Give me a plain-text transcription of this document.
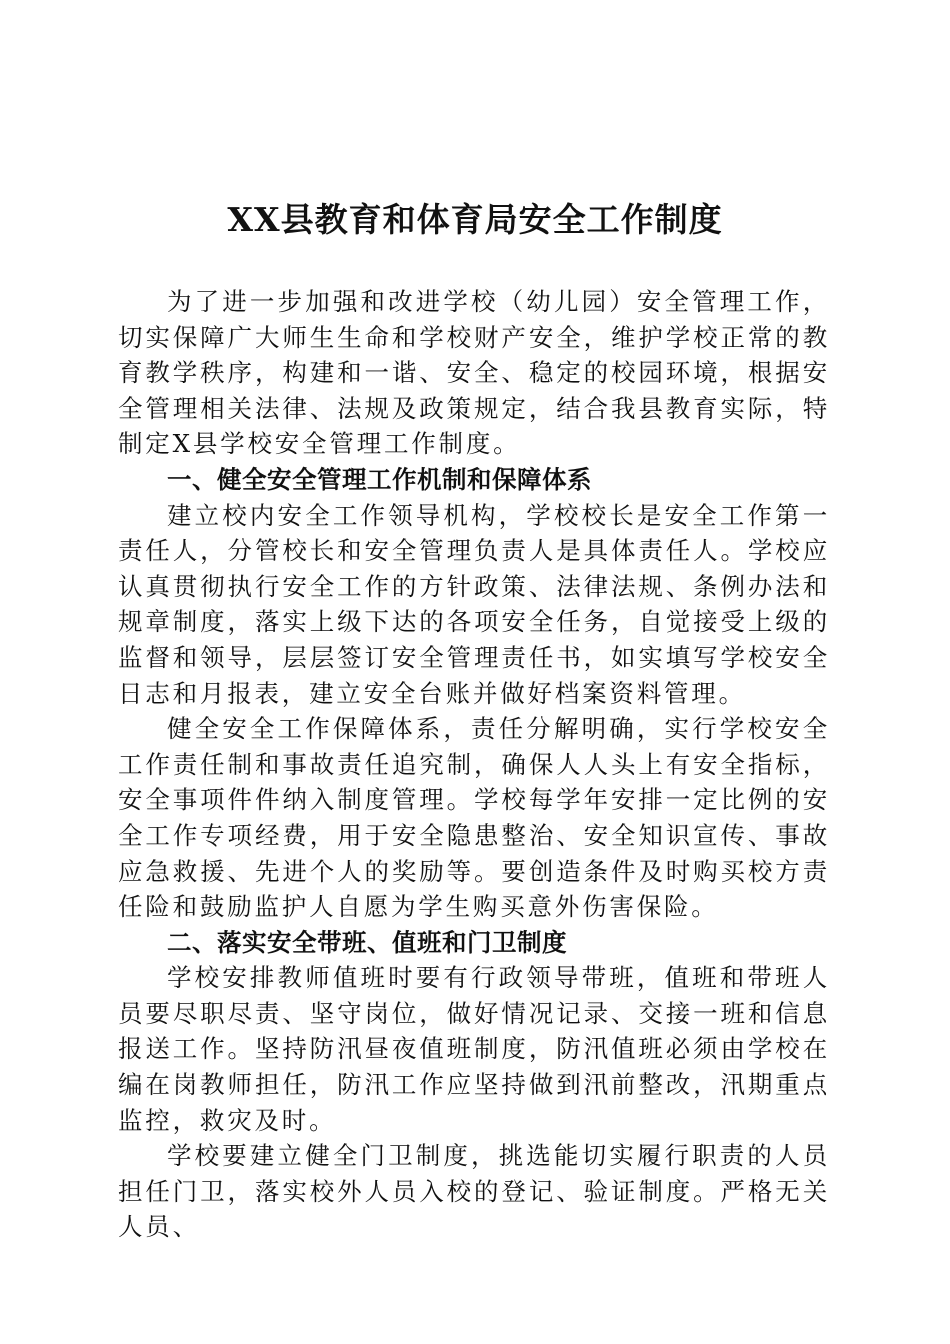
XX县教育和体育局安全工作制度

为了进一步加强和改进学校（幼儿园）安全管理工作，切实保障广大师生生命和学校财产安全，维护学校正常的教育教学秩序，构建和一谐、安全、稳定的校园环境，根据安全管理相关法律、法规及政策规定，结合我县教育实际，特制定X县学校安全管理工作制度。

一、健全安全管理工作机制和保障体系

建立校内安全工作领导机构，学校校长是安全工作第一责任人，分管校长和安全管理负责人是具体责任人。学校应认真贯彻执行安全工作的方针政策、法律法规、条例办法和规章制度，落实上级下达的各项安全任务，自觉接受上级的监督和领导，层层签订安全管理责任书，如实填写学校安全日志和月报表，建立安全台账并做好档案资料管理。

健全安全工作保障体系，责任分解明确，实行学校安全工作责任制和事故责任追究制，确保人人头上有安全指标，安全事项件件纳入制度管理。学校每学年安排一定比例的安全工作专项经费，用于安全隐患整治、安全知识宣传、事故应急救援、先进个人的奖励等。要创造条件及时购买校方责任险和鼓励监护人自愿为学生购买意外伤害保险。

二、落实安全带班、值班和门卫制度

学校安排教师值班时要有行政领导带班，值班和带班人员要尽职尽责、坚守岗位，做好情况记录、交接一班和信息报送工作。坚持防汛昼夜值班制度，防汛值班必须由学校在编在岗教师担任，防汛工作应坚持做到汛前整改，汛期重点监控，救灾及时。

学校要建立健全门卫制度，挑选能切实履行职责的人员担任门卫，落实校外人员入校的登记、验证制度。严格无关人员、
